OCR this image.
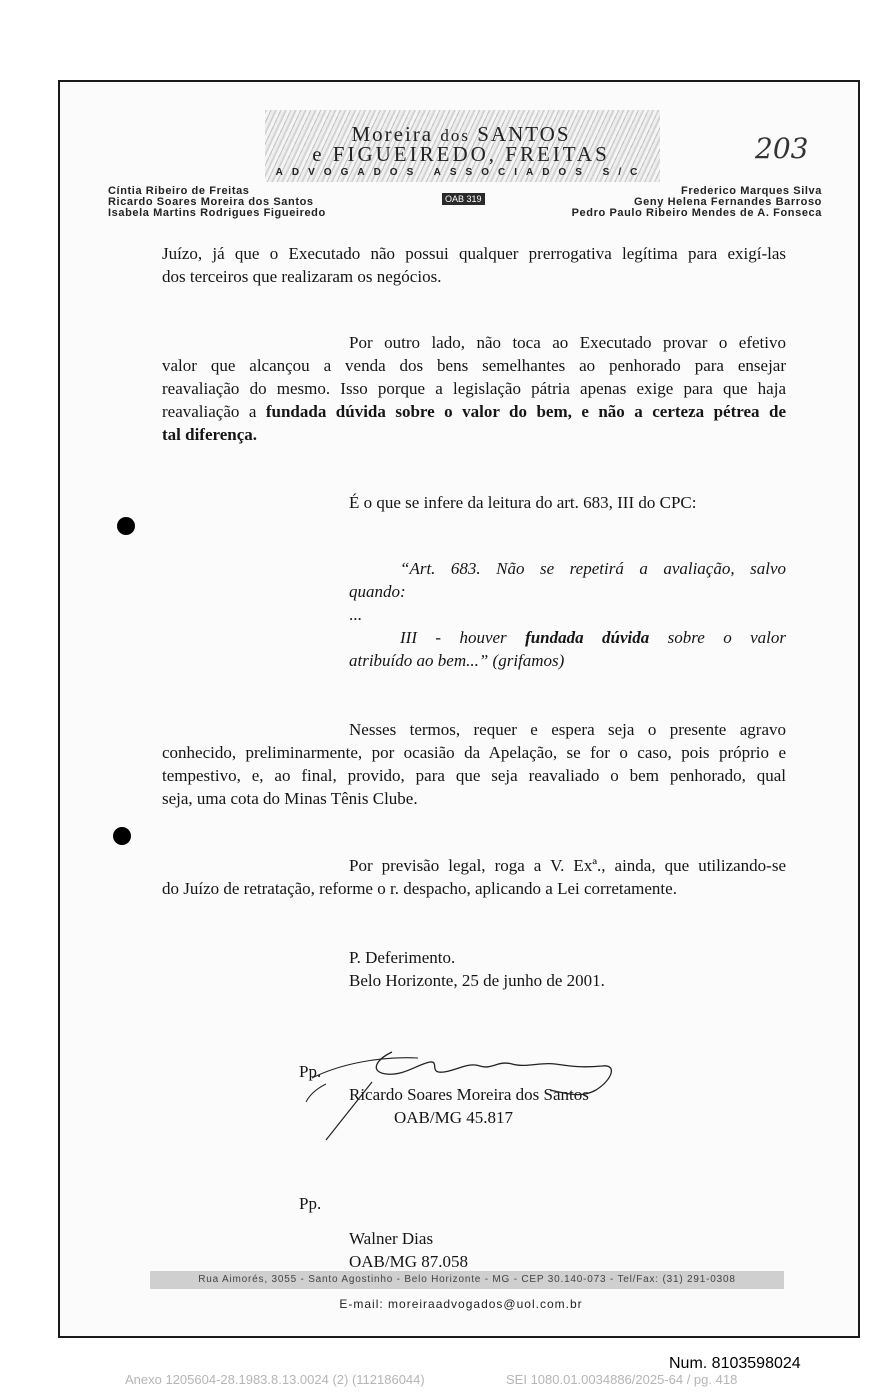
Moreira dos SANTOS
e FIGUEIREDO, FREITAS
ADVOGADOS ASSOCIADOS S/C
203
Cíntia Ribeiro de Freitas
Ricardo Soares Moreira dos Santos
Isabela Martins Rodrigues Figueiredo
OAB 319
Frederico Marques Silva
Geny Helena Fernandes Barroso
Pedro Paulo Ribeiro Mendes de A. Fonseca
Juízo, já que o Executado não possui qualquer prerrogativa legítima para exigí-las
dos terceiros que realizaram os negócios.
Por outro lado, não toca ao Executado provar o efetivo
valor que alcançou a venda dos bens semelhantes ao penhorado para ensejar
reavaliação do mesmo. Isso porque a legislação pátria apenas exige para que haja
reavaliação a fundada dúvida sobre o valor do bem, e não a certeza pétrea de
tal diferença.
É o que se infere da leitura do art. 683, III do CPC:
“Art. 683. Não se repetirá a avaliação, salvo
quando:
...
III - houver fundada dúvida sobre o valor
atribuído ao bem...” (grifamos)
Nesses termos, requer e espera seja o presente agravo
conhecido, preliminarmente, por ocasião da Apelação, se for o caso, pois próprio e
tempestivo, e, ao final, provido, para que seja reavaliado o bem penhorado, qual
seja, uma cota do Minas Tênis Clube.
Por previsão legal, roga a V. Exª., ainda, que utilizando-se
do Juízo de retratação, reforme o r. despacho, aplicando a Lei corretamente.
P. Deferimento.
Belo Horizonte, 25 de junho de 2001.
Pp.
Ricardo Soares Moreira dos Santos
OAB/MG 45.817
Pp.
Walner Dias
OAB/MG 87.058
Rua Aimorés, 3055 - Santo Agostinho - Belo Horizonte - MG - CEP 30.140-073 - Tel/Fax: (31) 291-0308
E-mail: moreiraadvogados@uol.com.br
Num. 8103598024
Anexo 1205604-28.1983.8.13.0024 (2) (112186044)	SEI 1080.01.0034886/2025-64 / pg. 418
